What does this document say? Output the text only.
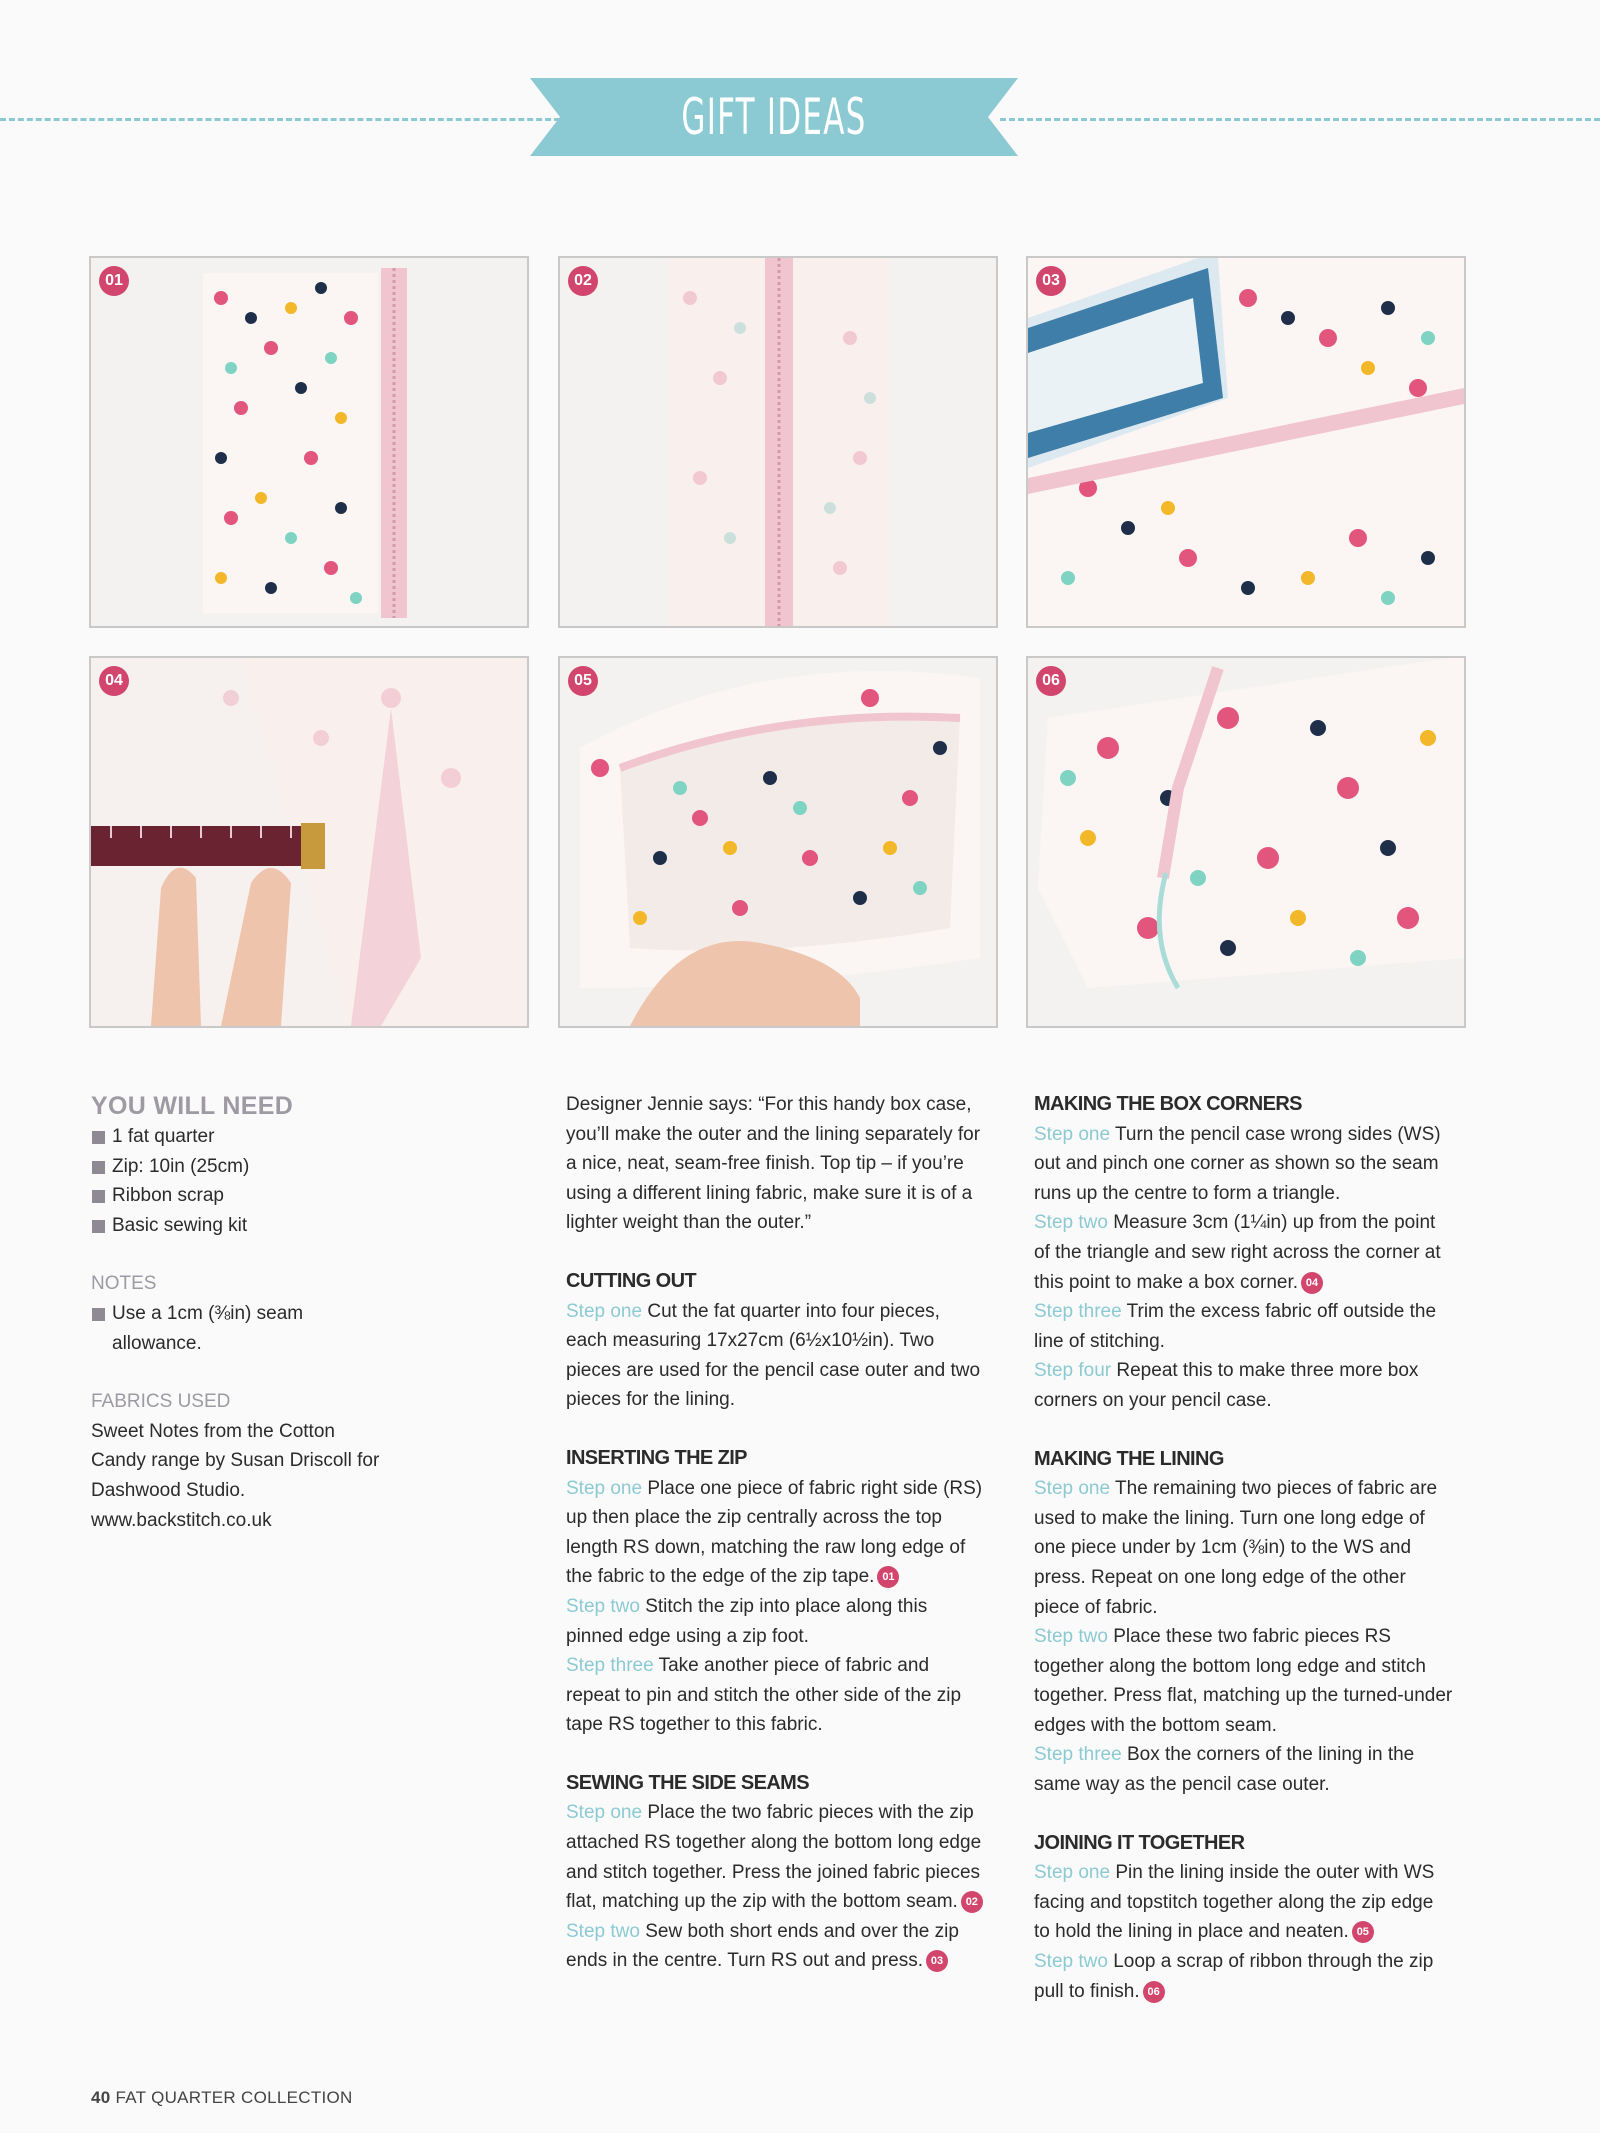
GIFT IDEAS
01	02	03
04	05	06

YOU WILL NEED

1 fat quarter

Zip: 10in (25cm)

Ribbon scrap

Basic sewing kit

NOTES

Use a 1cm (⅜in) seam allowance.

FABRICS USED

Sweet Notes from the Cotton Candy range by Susan Driscoll for Dashwood Studio. www.backstitch.co.uk

Designer Jennie says: “For this handy box case, you’ll make the outer and the lining separately for a nice, neat, seam-free finish. Top tip – if you’re using a different lining fabric, make sure it is of a lighter weight than the outer.”

CUTTING OUT

Step one Cut the fat quarter into four pieces, each measuring 17x27cm (6½x10½in). Two pieces are used for the pencil case outer and two pieces for the lining.

INSERTING THE ZIP

Step one Place one piece of fabric right side (RS) up then place the zip centrally across the top length RS down, matching the raw long edge of the fabric to the edge of the zip tape. 01

Step two Stitch the zip into place along this pinned edge using a zip foot.

Step three Take another piece of fabric and repeat to pin and stitch the other side of the zip tape RS together to this fabric.

SEWING THE SIDE SEAMS

Step one Place the two fabric pieces with the zip attached RS together along the bottom long edge and stitch together. Press the joined fabric pieces flat, matching up the zip with the bottom seam. 02

Step two Sew both short ends and over the zip ends in the centre. Turn RS out and press. 03

MAKING THE BOX CORNERS

Step one Turn the pencil case wrong sides (WS) out and pinch one corner as shown so the seam runs up the centre to form a triangle.

Step two Measure 3cm (1¼in) up from the point of the triangle and sew right across the corner at this point to make a box corner. 04

Step three Trim the excess fabric off outside the line of stitching.

Step four Repeat this to make three more box corners on your pencil case.

MAKING THE LINING

Step one The remaining two pieces of fabric are used to make the lining. Turn one long edge of one piece under by 1cm (⅜in) to the WS and press. Repeat on one long edge of the other piece of fabric.

Step two Place these two fabric pieces RS together along the bottom long edge and stitch together. Press flat, matching up the turned-under edges with the bottom seam.

Step three Box the corners of the lining in the same way as the pencil case outer.

JOINING IT TOGETHER

Step one Pin the lining inside the outer with WS facing and topstitch together along the zip edge to hold the lining in place and neaten. 05

Step two Loop a scrap of ribbon through the zip pull to finish. 06

40 FAT QUARTER COLLECTION
